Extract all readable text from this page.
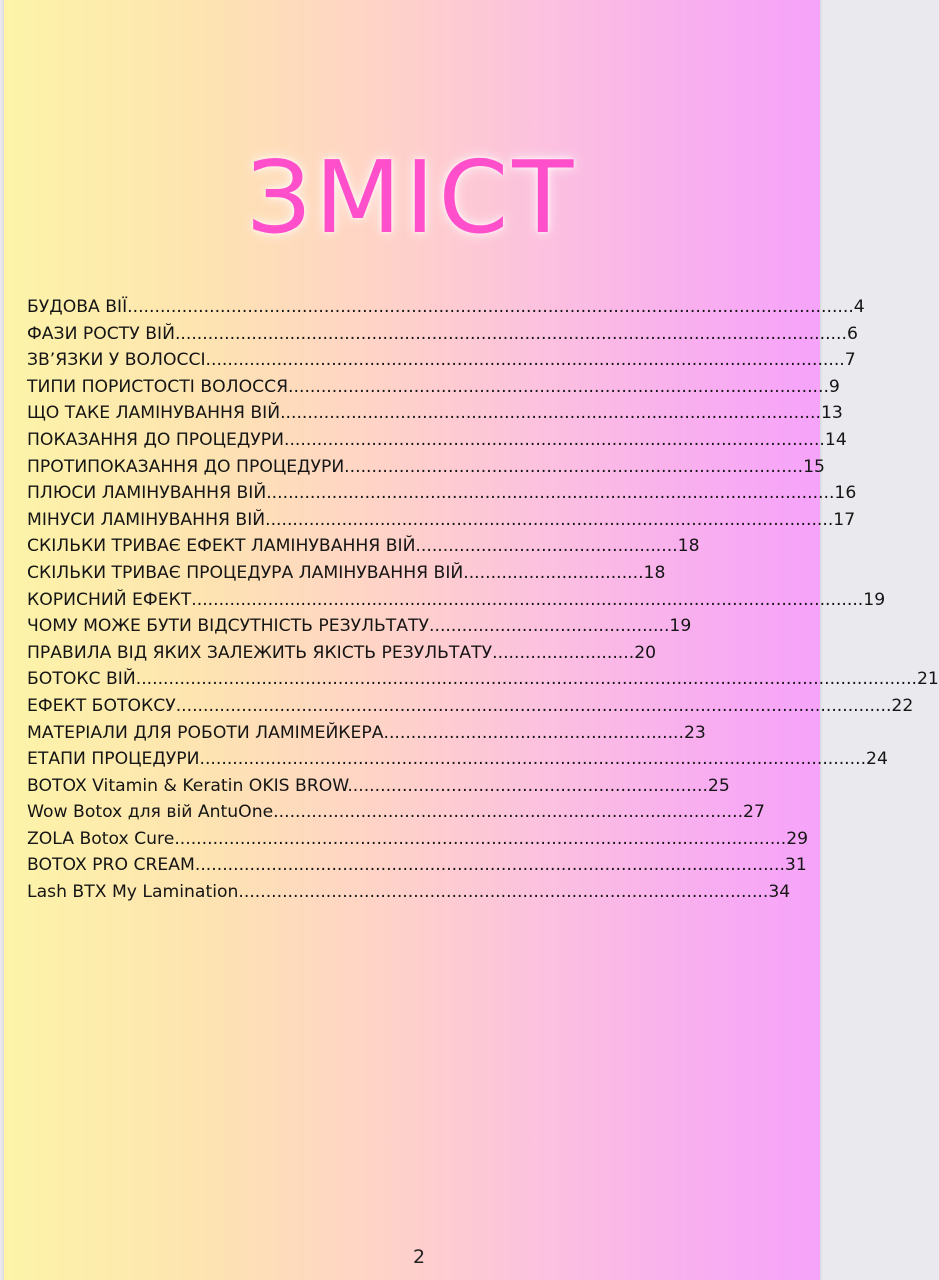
ЗМІСТ
БУДОВА ВІЇ.....................................................................................................................................4
ФАЗИ РОСТУ ВІЙ...........................................................................................................................6
ЗВ’ЯЗКИ У ВОЛОССІ.....................................................................................................................7
ТИПИ ПОРИСТОСТІ ВОЛОССЯ...................................................................................................9
ЩО ТАКЕ ЛАМІНУВАННЯ ВІЙ...................................................................................................13
ПОКАЗАННЯ ДО ПРОЦЕДУРИ...................................................................................................14
ПРОТИПОКАЗАННЯ ДО ПРОЦЕДУРИ....................................................................................15
ПЛЮСИ ЛАМІНУВАННЯ ВІЙ........................................................................................................16
МІНУСИ ЛАМІНУВАННЯ ВІЙ........................................................................................................17
СКІЛЬКИ ТРИВАЄ ЕФЕКТ ЛАМІНУВАННЯ ВІЙ................................................18
СКІЛЬКИ ТРИВАЄ ПРОЦЕДУРА ЛАМІНУВАННЯ ВІЙ.................................18
КОРИСНИЙ ЕФЕКТ...........................................................................................................................19
ЧОМУ МОЖЕ БУТИ ВІДСУТНІСТЬ РЕЗУЛЬТАТУ............................................19
ПРАВИЛА ВІД ЯКИХ ЗАЛЕЖИТЬ ЯКІСТЬ РЕЗУЛЬТАТУ..........................20
БОТОКС ВІЙ...............................................................................................................................................21
ЕФЕКТ БОТОКСУ...................................................................................................................................22
МАТЕРІАЛИ ДЛЯ РОБОТИ ЛАМІМЕЙКЕРА.......................................................23
ЕТАПИ ПРОЦЕДУРИ..........................................................................................................................24
BOTOX Vitamin & Keratin OKIS BROW..................................................................25
Wow Botox для вій AntuOne......................................................................................27
ZOLA Botox Cure................................................................................................................29
BOTOX PRO CREAM............................................................................................................31
Lash BTX My Lamination.................................................................................................34
2
